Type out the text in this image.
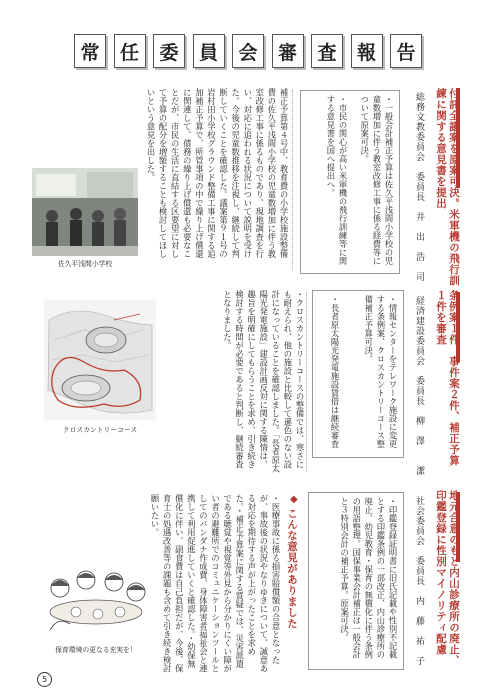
常	任	委	員	会	審	査	報	告
付託全議案を原案可決。米軍機の飛行訓練に関する意見書を提出
総務文教委員会　委員長　井　出　浩　司
・一般会計補正予算は佐久平浅間小学校の児童数増加に伴う教室改修工事に係る経費等について原案可決。
・市民の関心が高い米軍機の飛行訓練等に関する意見書を国へ提出へ。
補正予算第４号中、教育費の小学校施設整備費の佐久平浅間小学校の児童数増加に伴う教室改修工事に係るものであり、現地調査を行い、対応に追われる状況について説明を受けた。今後の児童数推移を注視し、継続して判断していくことを確認した。議案第９１号の岩村田小学校グラウンド整備工事に関する追加補正予算で、所管事項の中で繰り上げ償還に関連して、債務の繰り上げ償還も必要なことだが、市民の生活に直結する区要望に対して予算の配分を増額することも検討してほしいという意見を出した。
佐久平浅間小学校
条例案１件、事件案２件、補正予算１件を審査
経済建設委員会　委員長　柳　澤　　潔
・情報センターをテレワーク施設に変更する条例案、クロスカントリーコース整備補正予算可決。
・長者原太陽光発電施設賃借は継続審査
・クロスカントリーコースの整備では、寒さにも耐えられ、他の施設と比較して遜色のない設計になっていることを確認しました。「長者原太陽光発電施設」建設計画反対に関する陳情は、趣旨を明確にしてもらうことを求め、引き続き検討する時間が必要であると判断し、継続審査となりました。
クロスカントリーコース
地元合意のもと内山診療所の廃止、印鑑登録に性別マイノリティ配慮
社会委員会　委員長　内　藤　祐　子
・印鑑登録証明書に旧氏記載や性別不記載とする印鑑条例の一部改正、内山診療所の廃止、幼児教育・保育の無償化に伴う条例の用語整理。国保事業会計補正は一般会計と３特別会計の補正予算。原案可決。
◆
こんな意見がありました
・医療事故に係る損害賠償額の合意となったが、事故後の状況やなりゆきについて、誠意ある対応を期待する声が上がったことを求めた。・補正予算案に関する質疑では、災害派遣である聴覚や視覚等外見から分かりにくい障がい者の避難所でのコミュニケーションツールとしてのバンダナ作成費、身体障害者福祉会と連携して利用促進していくと確認した。・幼保無償化に伴い、副食費は自己負担だが、今後、保育士の処遇改善等の課題も含めて引き続き検討願いたい。
保育環境の更なる充実を！
5
